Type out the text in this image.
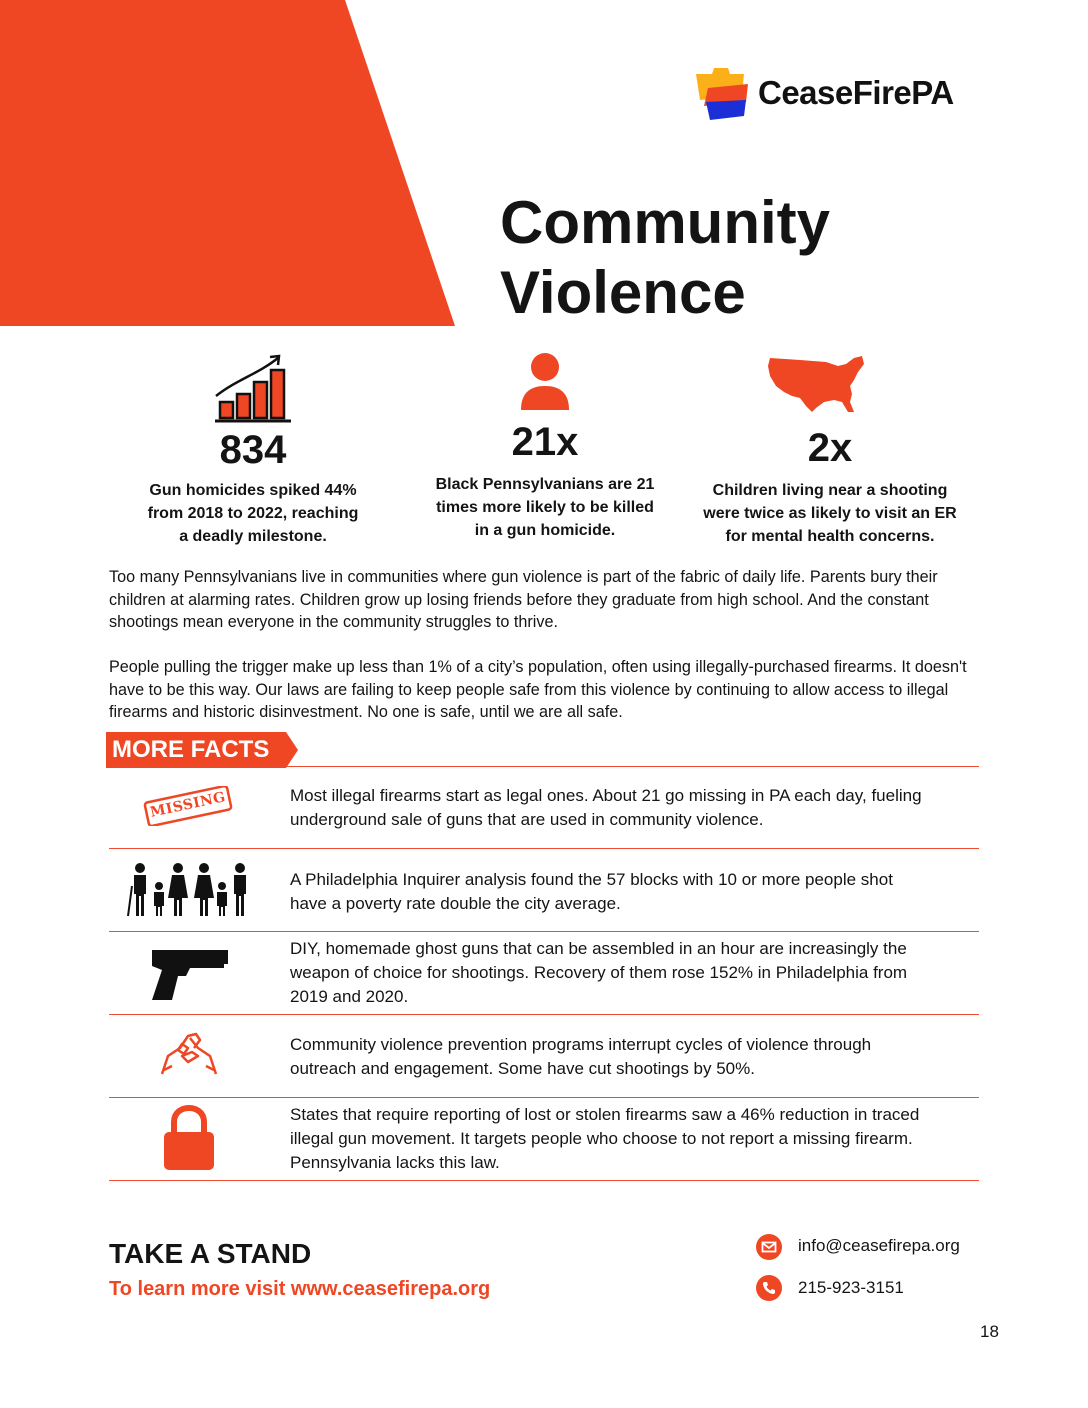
CeaseFirePA
Community
Violence
834
Gun homicides spiked 44%
from 2018 to 2022, reaching
a deadly milestone.
21x
Black Pennsylvanians are 21
times more likely to be killed
in a gun homicide.
2x
Children living near a shooting
were twice as likely to visit an ER
for mental health concerns.
Too many Pennsylvanians live in communities where gun violence is part of the fabric of daily life. Parents bury their children at alarming rates. Children grow up losing friends before they graduate from high school. And the constant shootings mean everyone in the community struggles to thrive.
People pulling the trigger make up less than 1% of a city’s population, often using illegally-purchased firearms. It doesn't have to be this way. Our laws are failing to keep people safe from this violence by continuing to allow access to illegal firearms and historic disinvestment. No one is safe, until we are all safe.
MORE FACTS
MISSING	Most illegal firearms start as legal ones. About 21 go missing in PA each day, fueling underground sale of guns that are used in community violence.
A Philadelphia Inquirer analysis found the 57 blocks with 10 or more people shot have a poverty rate double the city average.
DIY, homemade ghost guns that can be assembled in an hour are increasingly the weapon of choice for shootings. Recovery of them rose 152% in Philadelphia from 2019 and 2020.
Community violence prevention programs interrupt cycles of violence through outreach and engagement. Some have cut shootings by 50%.
States that require reporting of lost or stolen firearms saw a 46% reduction in traced illegal gun movement. It targets people who choose to not report a missing firearm. Pennsylvania lacks this law.
TAKE A STAND
To learn more visit www.ceasefirepa.org
info@ceasefirepa.org
215-923-3151
18
